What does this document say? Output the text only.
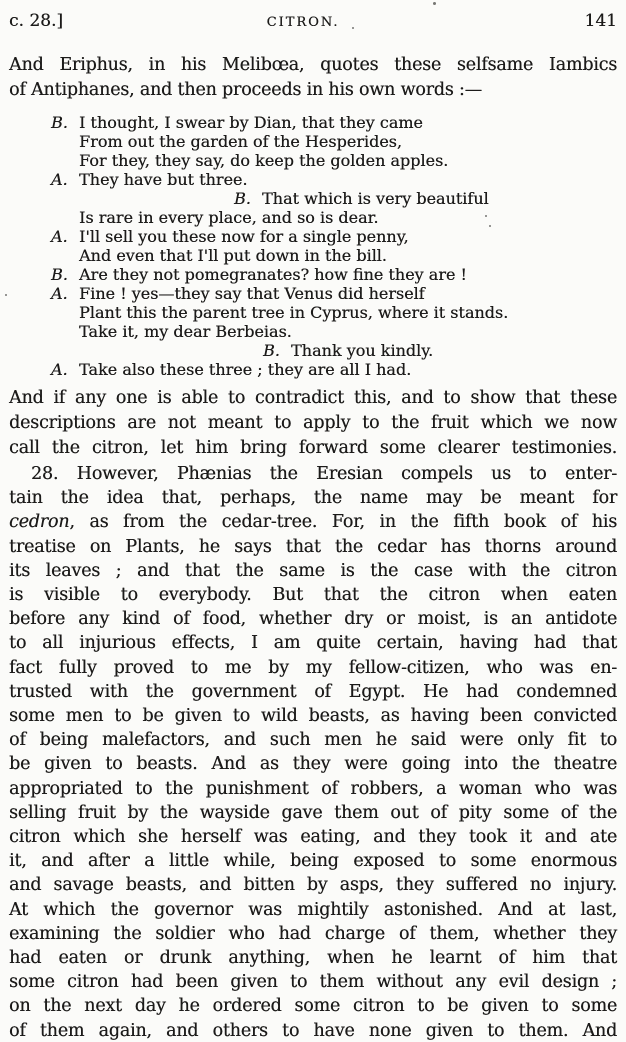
c. 28.]	CITRON.	141
And Eriphus, in his Melibœa, quotes these selfsame Iambics
of Antiphanes, and then proceeds in his own words :—
B. I thought, I swear by Dian, that they came
From out the garden of the Hesperides,
For they, they say, do keep the golden apples.
A. They have but three.
B. That which is very beautiful
Is rare in every place, and so is dear.
A. I'll sell you these now for a single penny,
And even that I'll put down in the bill.
B. Are they not pomegranates? how fine they are !
A. Fine ! yes—they say that Venus did herself
Plant this the parent tree in Cyprus, where it stands.
Take it, my dear Berbeias.
B. Thank you kindly.
A. Take also these three ; they are all I had.
And if any one is able to contradict this, and to show that these
descriptions are not meant to apply to the fruit which we now
call the citron, let him bring forward some clearer testimonies.
28. However, Phænias the Eresian compels us to enter-
tain the idea that, perhaps, the name may be meant for
cedron, as from the cedar-tree. For, in the fifth book of his
treatise on Plants, he says that the cedar has thorns around
its leaves ; and that the same is the case with the citron
is visible to everybody. But that the citron when eaten
before any kind of food, whether dry or moist, is an antidote
to all injurious effects, I am quite certain, having had that
fact fully proved to me by my fellow-citizen, who was en-
trusted with the government of Egypt. He had condemned
some men to be given to wild beasts, as having been convicted
of being malefactors, and such men he said were only fit to
be given to beasts. And as they were going into the theatre
appropriated to the punishment of robbers, a woman who was
selling fruit by the wayside gave them out of pity some of the
citron which she herself was eating, and they took it and ate
it, and after a little while, being exposed to some enormous
and savage beasts, and bitten by asps, they suffered no injury.
At which the governor was mightily astonished. And at last,
examining the soldier who had charge of them, whether they
had eaten or drunk anything, when he learnt of him that
some citron had been given to them without any evil design ;
on the next day he ordered some citron to be given to some
of them again, and others to have none given to them. And
